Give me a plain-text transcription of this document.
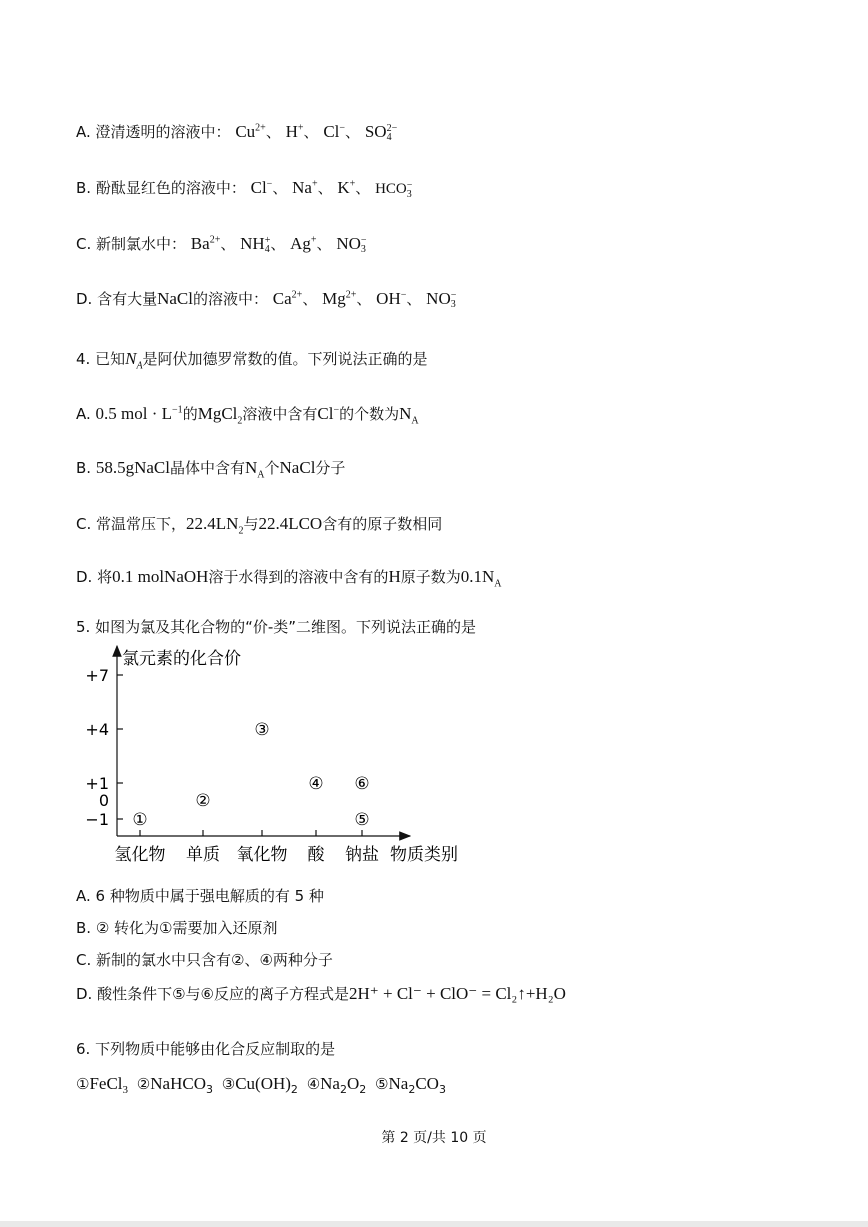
A. 澄清透明的溶液中： $Cu^{2+}$、 H+、 Cl−、 SO 2−
4
B. 酚酞显红色的溶液中： Cl−、 Na+、 K+、 HCO −
3
C. 新制氯水中： $Ba^{2+}$、 NH +
4 、 Ag+、 NO −
3
D. 含有大量NaCl的溶液中： $Ca^{2+}$、 $Mg^{2+}$、 OH−、 NO −
3
4. 已知$N_A$是阿伏加德罗常数的值。下列说法正确的是
A. 0.5 mol · $L^{-1}$的MgCl$_2$溶液中含有Cl−的个数为$N_A$
B. 58.5gNaCl晶体中含有$N_A$个NaCl分子
C. 常温常压下，$22.4LN_2$与22.4LCO含有的原子数相同
D. 将0.1 molNaOH溶于水得到的溶液中含有的H原子数为$0.1N_A$
5. 如图为氯及其化合物的“价-类”二维图。下列说法正确的是
氯元素的化合价
物质类别
+7
+4
+1
0
−1
氢化物 单质 氧化物 酸 钠盐
①
②
③
④
⑤
⑥
A. 6 种物质中属于强电解质的有 5 种
B. ② 转化为①需要加入还原剂
C. 新制的氯水中只含有②、④两种分子
D. 酸性条件下⑤与⑥反应的离子方程式是2H⁺ + Cl⁻ + ClO⁻ = Cl₂↑+H₂O
6. 下列物质中能够由化合反应制取的是
①FeCl$_3$ ②NaHCO$_3$ $③Cu(OH)_2$ $④Na_2O_2$ $⑤Na_2CO_3$
第 2 页/共 10 页
